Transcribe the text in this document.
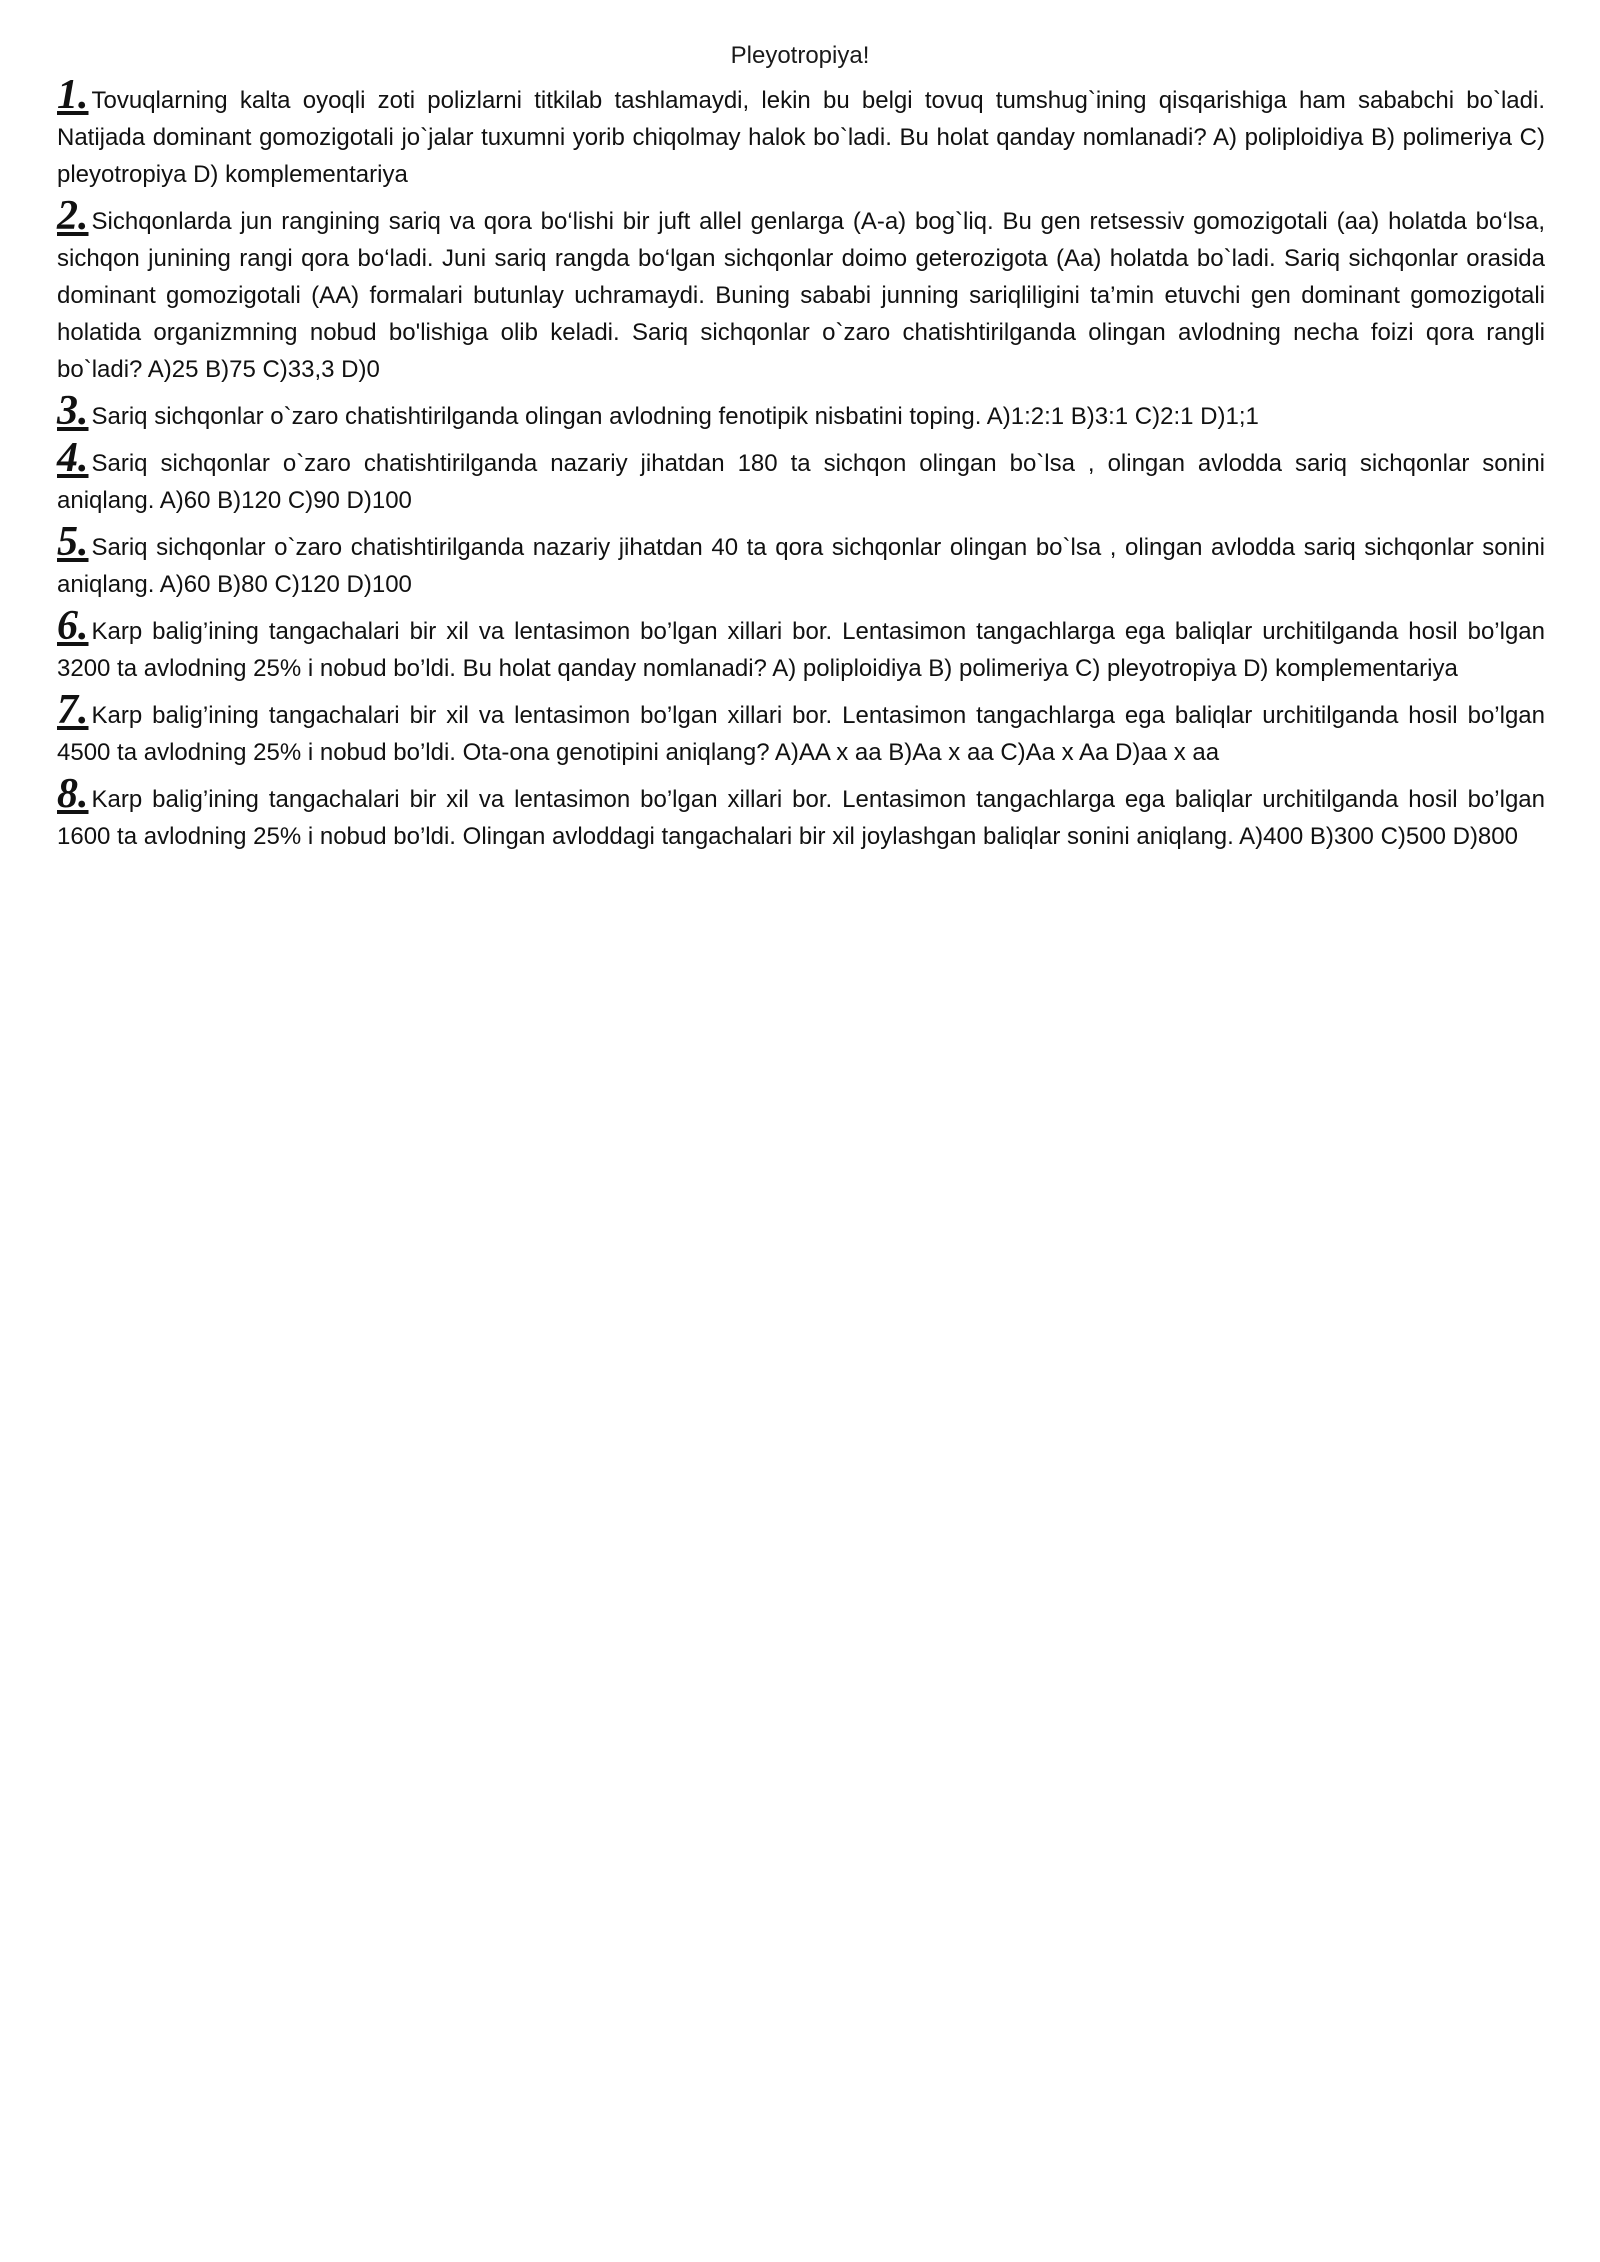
Pleyotropiya!

1. Tovuqlarning kalta oyoqli zoti polizlarni titkilab tashlamaydi, lekin bu belgi tovuq tumshug`ining qisqarishiga ham sababchi bo`ladi. Natijada dominant gomozigotali jo`jalar tuxumni yorib chiqolmay halok bo`ladi. Bu holat qanday nomlanadi? A) poliploidiya B) polimeriya C) pleyotropiya D) komplementariya

2. Sichqonlarda jun rangining sariq va qora bo‘lishi bir juft allel genlarga (A-a) bog`liq. Bu gen retsessiv gomozigotali (aa) holatda bo‘lsa, sichqon junining rangi qora bo‘ladi. Juni sariq rangda bo‘lgan sichqonlar doimo geterozigota (Aa) holatda bo`ladi. Sariq sichqonlar orasida dominant gomozigotali (AA) formalari butunlay uchramaydi. Buning sababi junning sariqliligini ta’min etuvchi gen dominant gomozigotali holatida organizmning nobud bo'lishiga olib keladi. Sariq sichqonlar o`zaro chatishtirilganda olingan avlodning necha foizi qora rangli bo`ladi? A)25 B)75 C)33,3 D)0

3. Sariq sichqonlar o`zaro chatishtirilganda olingan avlodning fenotipik nisbatini toping. A)1:2:1 B)3:1 C)2:1 D)1;1

4. Sariq sichqonlar o`zaro chatishtirilganda nazariy jihatdan 180 ta sichqon olingan bo`lsa , olingan avlodda sariq sichqonlar sonini aniqlang. A)60 B)120 C)90 D)100

5. Sariq sichqonlar o`zaro chatishtirilganda nazariy jihatdan 40 ta qora sichqonlar olingan bo`lsa , olingan avlodda sariq sichqonlar sonini aniqlang. A)60 B)80 C)120 D)100

6. Karp balig’ining tangachalari bir xil va lentasimon bo’lgan xillari bor. Lentasimon tangachlarga ega baliqlar urchitilganda hosil bo’lgan 3200 ta avlodning 25% i nobud bo’ldi. Bu holat qanday nomlanadi? A) poliploidiya B) polimeriya C) pleyotropiya D) komplementariya

7. Karp balig’ining tangachalari bir xil va lentasimon bo’lgan xillari bor. Lentasimon tangachlarga ega baliqlar urchitilganda hosil bo’lgan 4500 ta avlodning 25% i nobud bo’ldi. Ota-ona genotipini aniqlang? A)AA x aa B)Aa x aa C)Aa x Aa D)aa x aa

8. Karp balig’ining tangachalari bir xil va lentasimon bo’lgan xillari bor. Lentasimon tangachlarga ega baliqlar urchitilganda hosil bo’lgan 1600 ta avlodning 25% i nobud bo’ldi. Olingan avloddagi tangachalari bir xil joylashgan baliqlar sonini aniqlang. A)400 B)300 C)500 D)800
